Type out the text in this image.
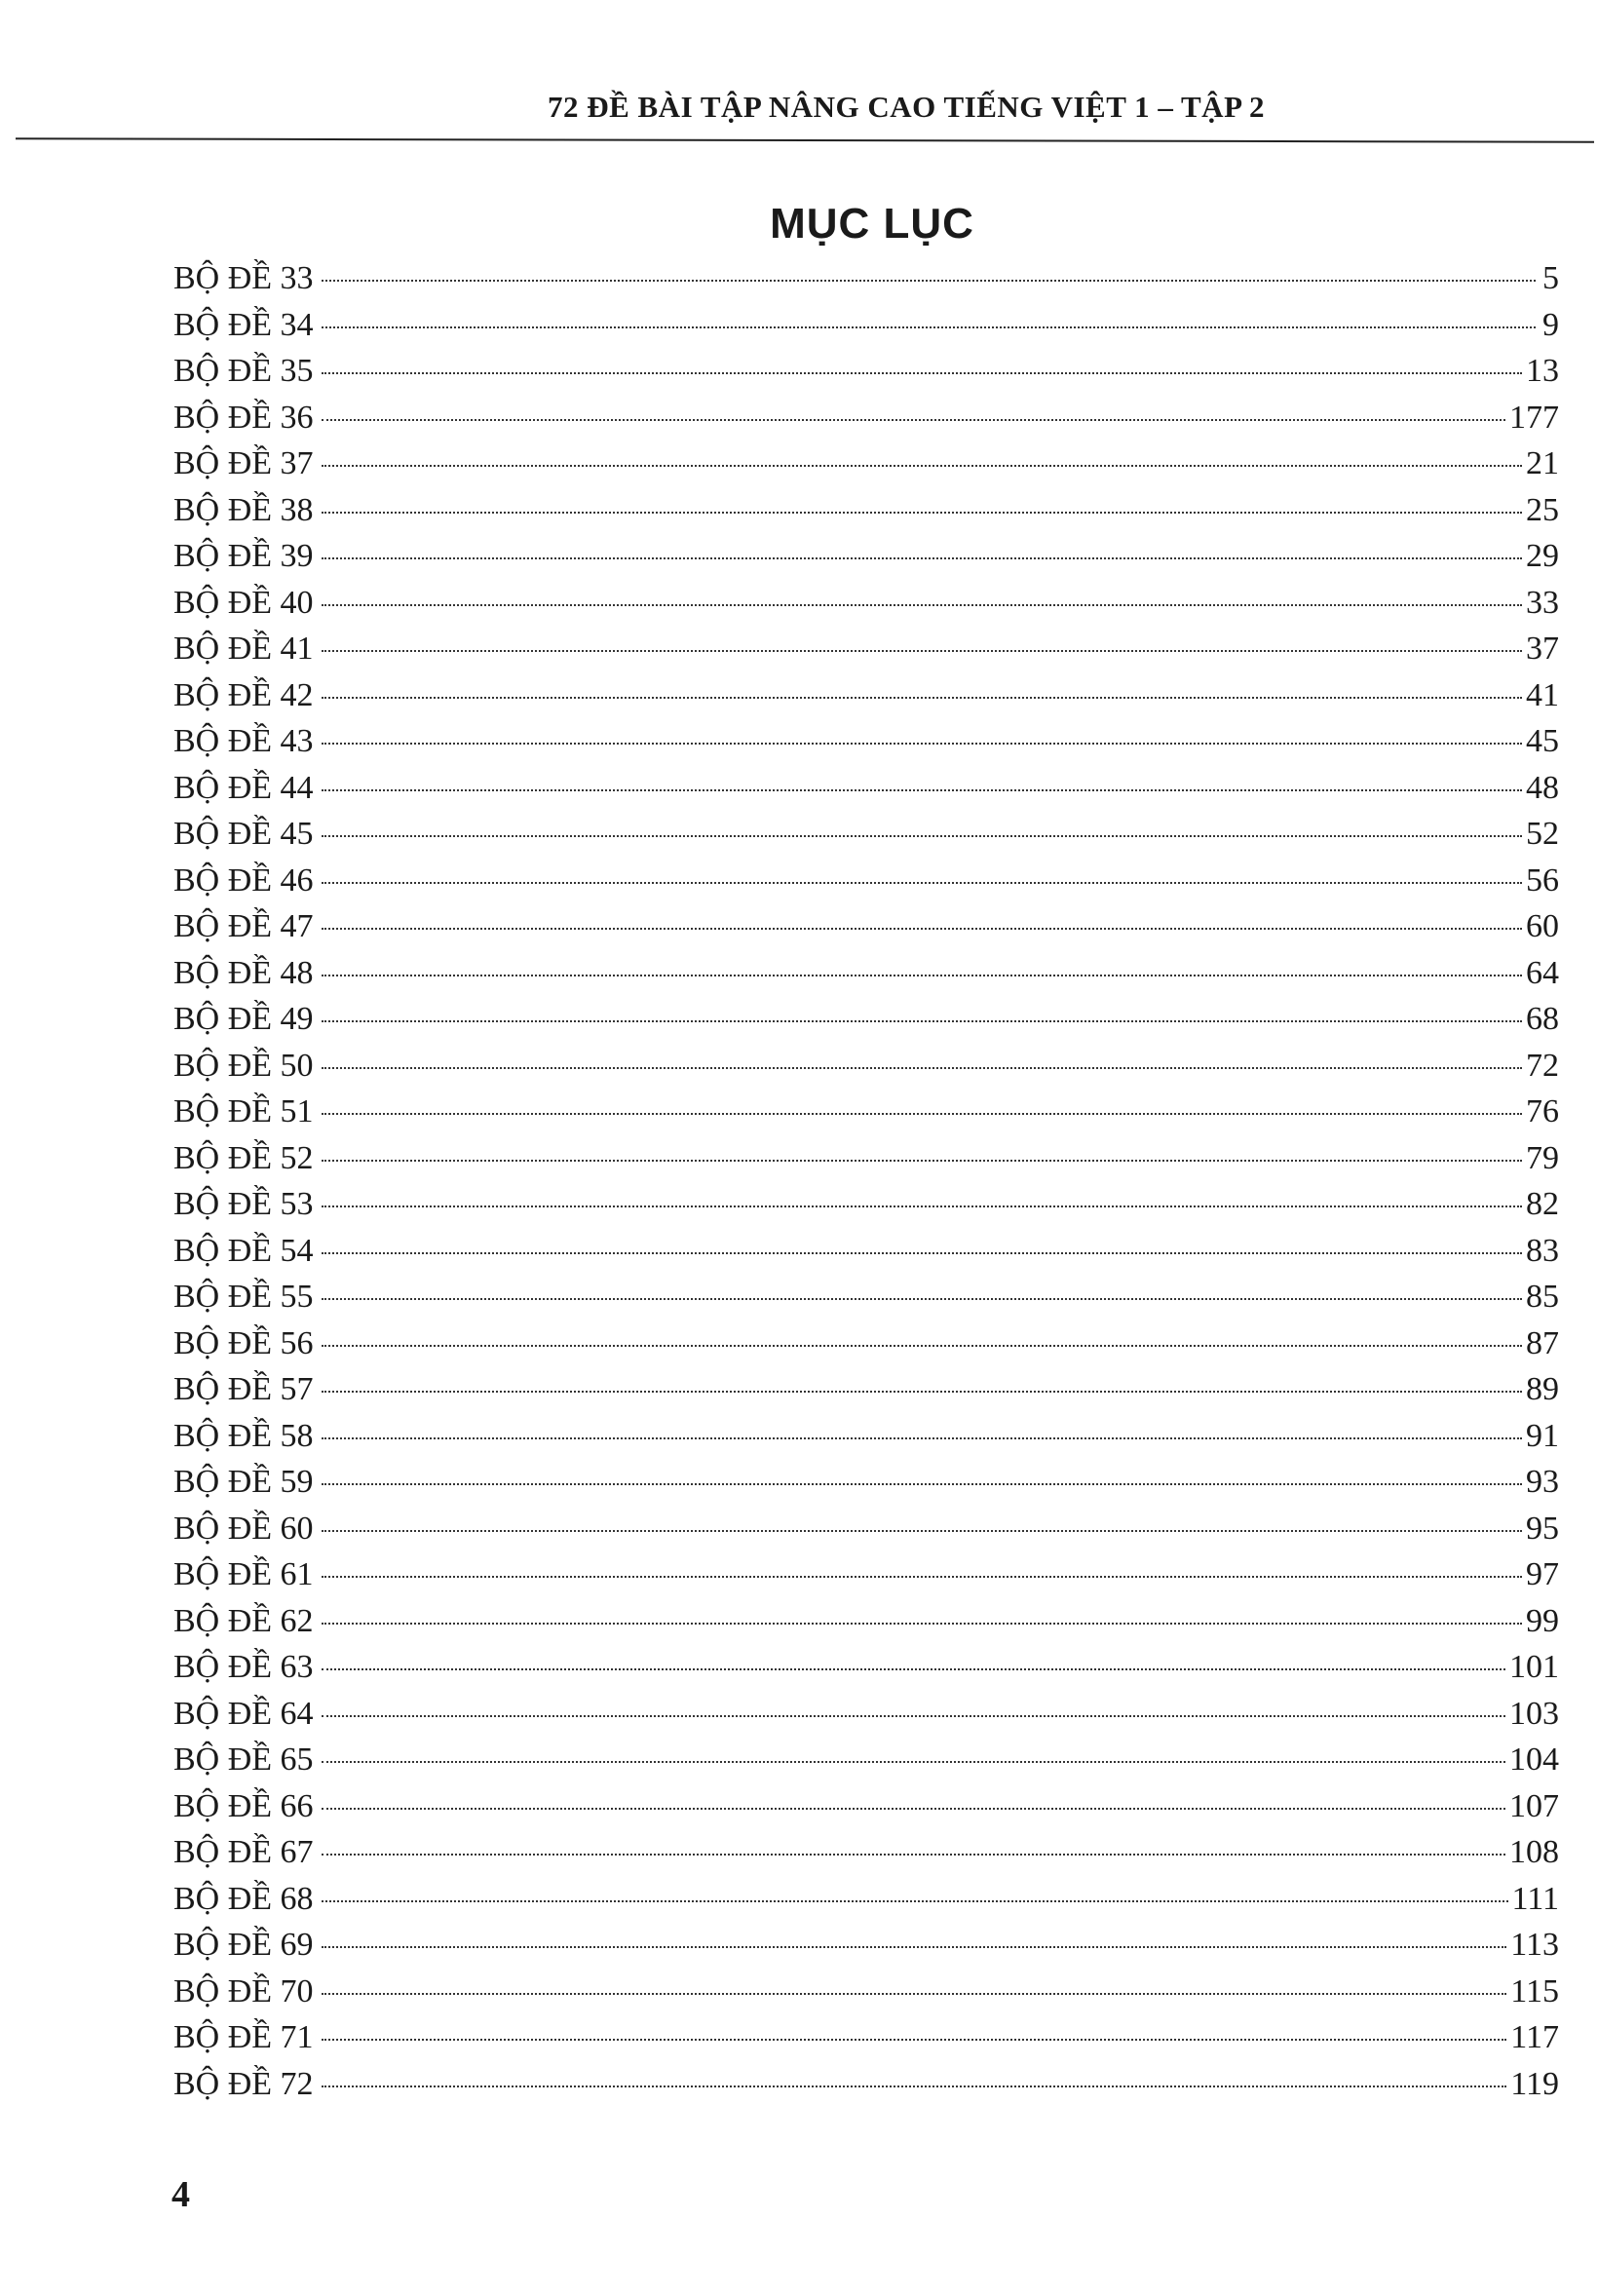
72 ĐỀ BÀI TẬP NÂNG CAO TIẾNG VIỆT 1 – TẬP 2
MỤC LỤC
BỘ ĐỀ 33	5
BỘ ĐỀ 34	9
BỘ ĐỀ 35	13
BỘ ĐỀ 36	177
BỘ ĐỀ 37	21
BỘ ĐỀ 38	25
BỘ ĐỀ 39	29
BỘ ĐỀ 40	33
BỘ ĐỀ 41	37
BỘ ĐỀ 42	41
BỘ ĐỀ 43	45
BỘ ĐỀ 44	48
BỘ ĐỀ 45	52
BỘ ĐỀ 46	56
BỘ ĐỀ 47	60
BỘ ĐỀ 48	64
BỘ ĐỀ 49	68
BỘ ĐỀ 50	72
BỘ ĐỀ 51	76
BỘ ĐỀ 52	79
BỘ ĐỀ 53	82
BỘ ĐỀ 54	83
BỘ ĐỀ 55	85
BỘ ĐỀ 56	87
BỘ ĐỀ 57	89
BỘ ĐỀ 58	91
BỘ ĐỀ 59	93
BỘ ĐỀ 60	95
BỘ ĐỀ 61	97
BỘ ĐỀ 62	99
BỘ ĐỀ 63	101
BỘ ĐỀ 64	103
BỘ ĐỀ 65	104
BỘ ĐỀ 66	107
BỘ ĐỀ 67	108
BỘ ĐỀ 68	111
BỘ ĐỀ 69	113
BỘ ĐỀ 70	115
BỘ ĐỀ 71	117
BỘ ĐỀ 72	119
4
